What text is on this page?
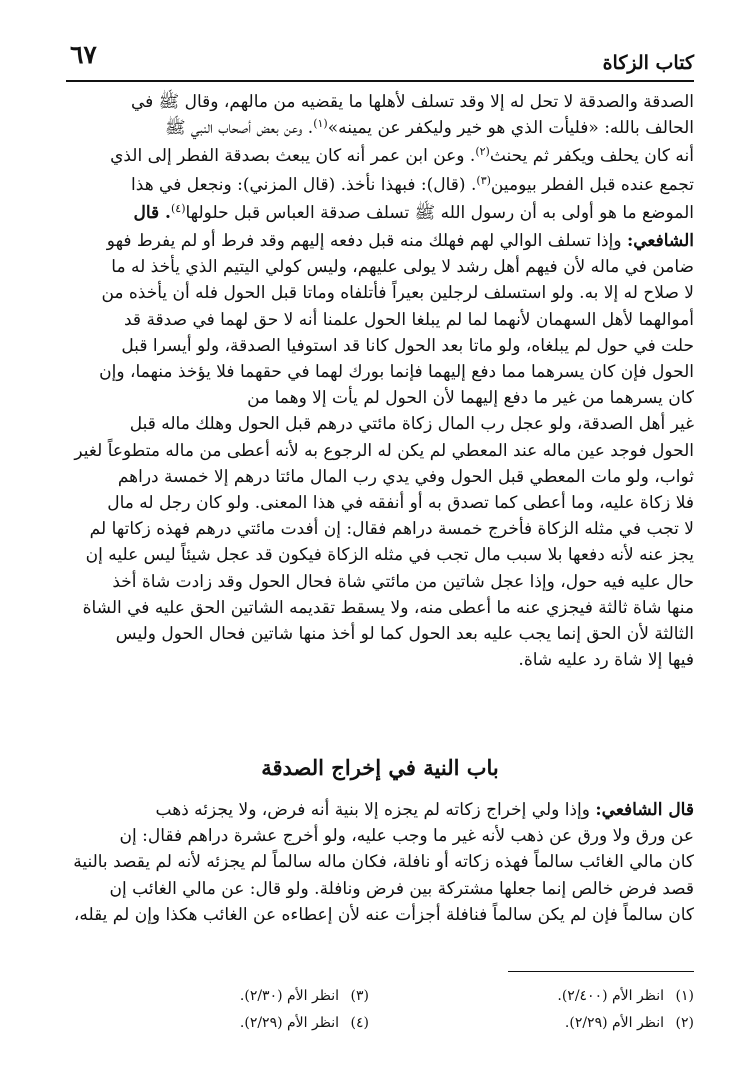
كتاب الزكاة
٦٧

الصدقة والصدقة لا تحل له إلا وقد تسلف لأهلها ما يقضيه من مالهم، وقال ﷺ في

الحالف بالله: «فليأت الذي هو خير وليكفر عن يمينه»$^{(١)}$. وعن بعض أصحاب النبي ﷺ

أنه كان يحلف ويكفر ثم يحنث$^{(٢)}$. وعن ابن عمر أنه كان يبعث بصدقة الفطر إلى الذي

تجمع عنده قبل الفطر بيومين$^{(٣)}$. (قال): فبهذا نأخذ. (قال المزني): ونجعل في هذا

الموضع ما هو أولى به أن رسول الله ﷺ تسلف صدقة العباس قبل حلولها$^{(٤)}$. قال

الشافعي: وإذا تسلف الوالي لهم فهلك منه قبل دفعه إليهم وقد فرط أو لم يفرط فهو

ضامن في ماله لأن فيهم أهل رشد لا يولى عليهم، وليس كولي اليتيم الذي يأخذ له ما

لا صلاح له إلا به. ولو استسلف لرجلين بعيراً فأتلفاه وماتا قبل الحول فله أن يأخذه من

أموالهما لأهل السهمان لأنهما لما لم يبلغا الحول علمنا أنه لا حق لهما في صدقة قد

حلت في حول لم يبلغاه، ولو ماتا بعد الحول كانا قد استوفيا الصدقة، ولو أيسرا قبل

الحول فإن كان يسرهما مما دفع إليهما فإنما بورك لهما في حقهما فلا يؤخذ منهما، وإن

كان يسرهما من غير ما دفع إليهما لأن الحول لم يأت إلا وهما من

غير أهل الصدقة، ولو عجل رب المال زكاة مائتي درهم قبل الحول وهلك ماله قبل

الحول فوجد عين ماله عند المعطي لم يكن له الرجوع به لأنه أعطى من ماله متطوعاً لغير

ثواب، ولو مات المعطي قبل الحول وفي يدي رب المال مائتا درهم إلا خمسة دراهم

فلا زكاة عليه، وما أعطى كما تصدق به أو أنفقه في هذا المعنى. ولو كان رجل له مال

لا تجب في مثله الزكاة فأخرج خمسة دراهم فقال: إن أفدت مائتي درهم فهذه زكاتها لم

يجز عنه لأنه دفعها بلا سبب مال تجب في مثله الزكاة فيكون قد عجل شيئاً ليس عليه إن

حال عليه فيه حول، وإذا عجل شاتين من مائتي شاة فحال الحول وقد زادت شاة أخذ

منها شاة ثالثة فيجزي عنه ما أعطى منه، ولا يسقط تقديمه الشاتين الحق عليه في الشاة

الثالثة لأن الحق إنما يجب عليه بعد الحول كما لو أخذ منها شاتين فحال الحول وليس

فيها إلا شاة رد عليه شاة.

باب النية في إخراج الصدقة

قال الشافعي: وإذا ولي إخراج زكاته لم يجزه إلا بنية أنه فرض، ولا يجزئه ذهب

عن ورق ولا ورق عن ذهب لأنه غير ما وجب عليه، ولو أخرج عشرة دراهم فقال: إن

كان مالي الغائب سالماً فهذه زكاته أو نافلة، فكان ماله سالماً لم يجزئه لأنه لم يقصد بالنية

قصد فرض خالص إنما جعلها مشتركة بين فرض ونافلة. ولو قال: عن مالي الغائب إن

كان سالماً فإن لم يكن سالماً فنافلة أجزأت عنه لأن إعطاءه عن الغائب هكذا وإن لم يقله،

(١)انظر الأم (٢/٤٠٠).
(٢)انظر الأم (٢/٢٩).
(٣)انظر الأم (٢/٣٠).
(٤)انظر الأم (٢/٢٩).
